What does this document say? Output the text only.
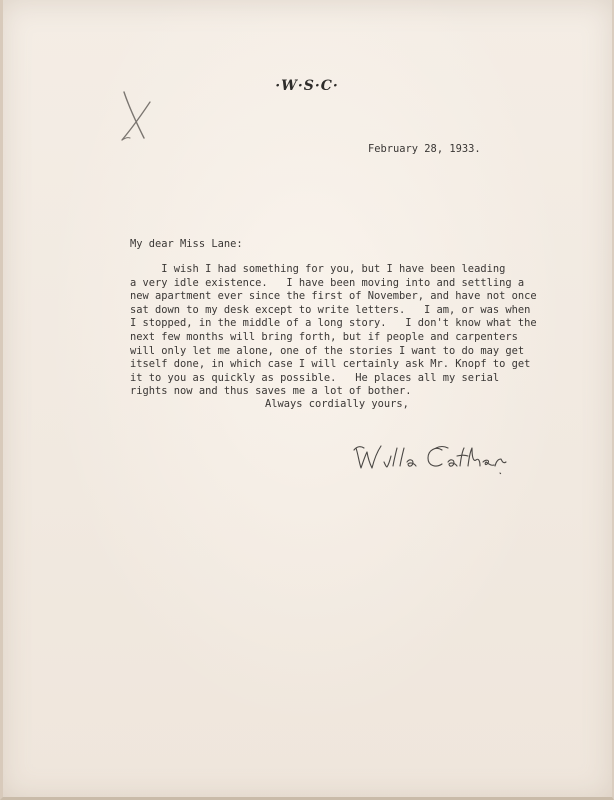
·W·S·C·
February 28, 1933.
My dear Miss Lane:
I wish I had something for you, but I have been leading
a very idle existence.   I have been moving into and settling a
new apartment ever since the first of November, and have not once
sat down to my desk except to write letters.   I am, or was when
I stopped, in the middle of a long story.   I don't know what the
next few months will bring forth, but if people and carpenters
will only let me alone, one of the stories I want to do may get
itself done, in which case I will certainly ask Mr. Knopf to get
it to you as quickly as possible.   He places all my serial
rights now and thus saves me a lot of bother.
Always cordially yours,
